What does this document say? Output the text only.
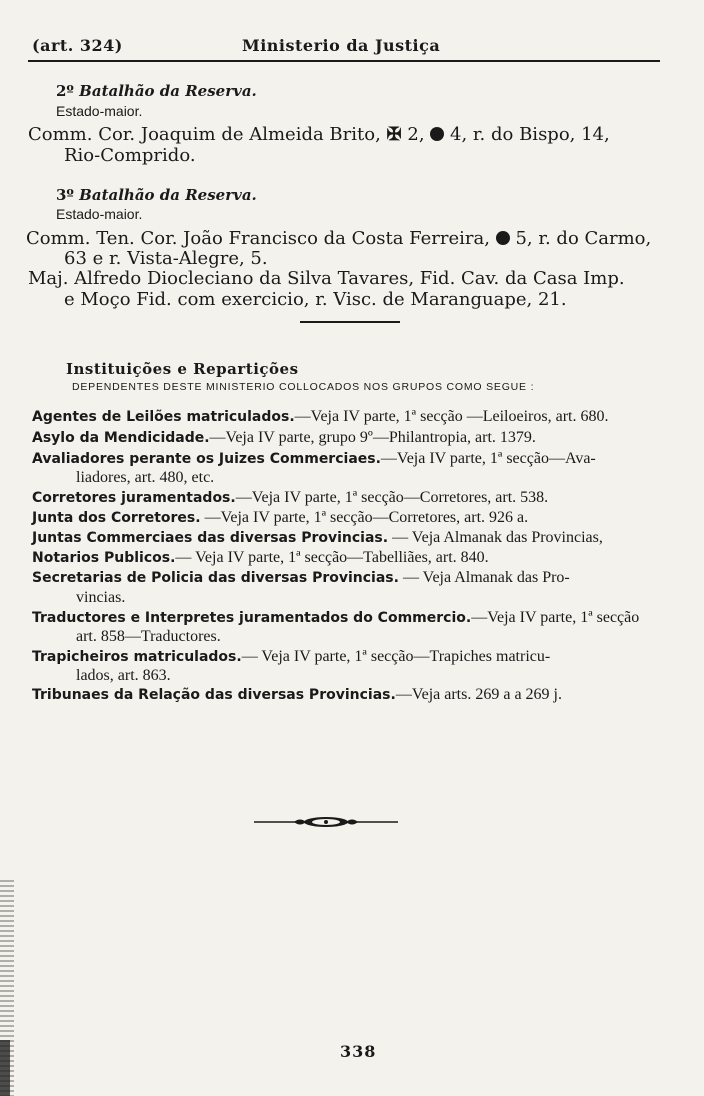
(art. 324)	Ministerio da Justiça
2º Batalhão da Reserva.
Estado-maior.
Comm. Cor. Joaquim de Almeida Brito, ✠ 2, 4, r. do Bispo, 14,
Rio-Comprido.
3º Batalhão da Reserva.
Estado-maior.
Comm. Ten. Cor. João Francisco da Costa Ferreira, 5, r. do Carmo,
63 e r. Vista-Alegre, 5.
Maj. Alfredo Diocleciano da Silva Tavares, Fid. Cav. da Casa Imp.
e Moço Fid. com exercicio, r. Visc. de Maranguape, 21.
Instituições e Repartições
DEPENDENTES DESTE MINISTERIO COLLOCADOS NOS GRUPOS COMO SEGUE :
Agentes de Leilões matriculados.—Veja IV parte, 1ª secção —Leiloeiros, art. 680.
Asylo da Mendicidade.—Veja IV parte, grupo 9º—Philantropia, art. 1379.
Avaliadores perante os Juizes Commerciaes.—Veja IV parte, 1ª secção—Ava-
liadores, art. 480, etc.
Corretores juramentados.—Veja IV parte, 1ª secção—Corretores, art. 538.
Junta dos Corretores. —Veja IV parte, 1ª secção—Corretores, art. 926 a.
Juntas Commerciaes das diversas Provincias. — Veja Almanak das Provincias,
Notarios Publicos.— Veja IV parte, 1ª secção—Tabelliães, art. 840.
Secretarias de Policia das diversas Provincias. — Veja Almanak das Pro-
vincias.
Traductores e Interpretes juramentados do Commercio.—Veja IV parte, 1ª secção
art. 858—Traductores.
Trapicheiros matriculados.— Veja IV parte, 1ª secção—Trapiches matricu-
lados, art. 863.
Tribunaes da Relação das diversas Provincias.—Veja arts. 269 a a 269 j.
338
